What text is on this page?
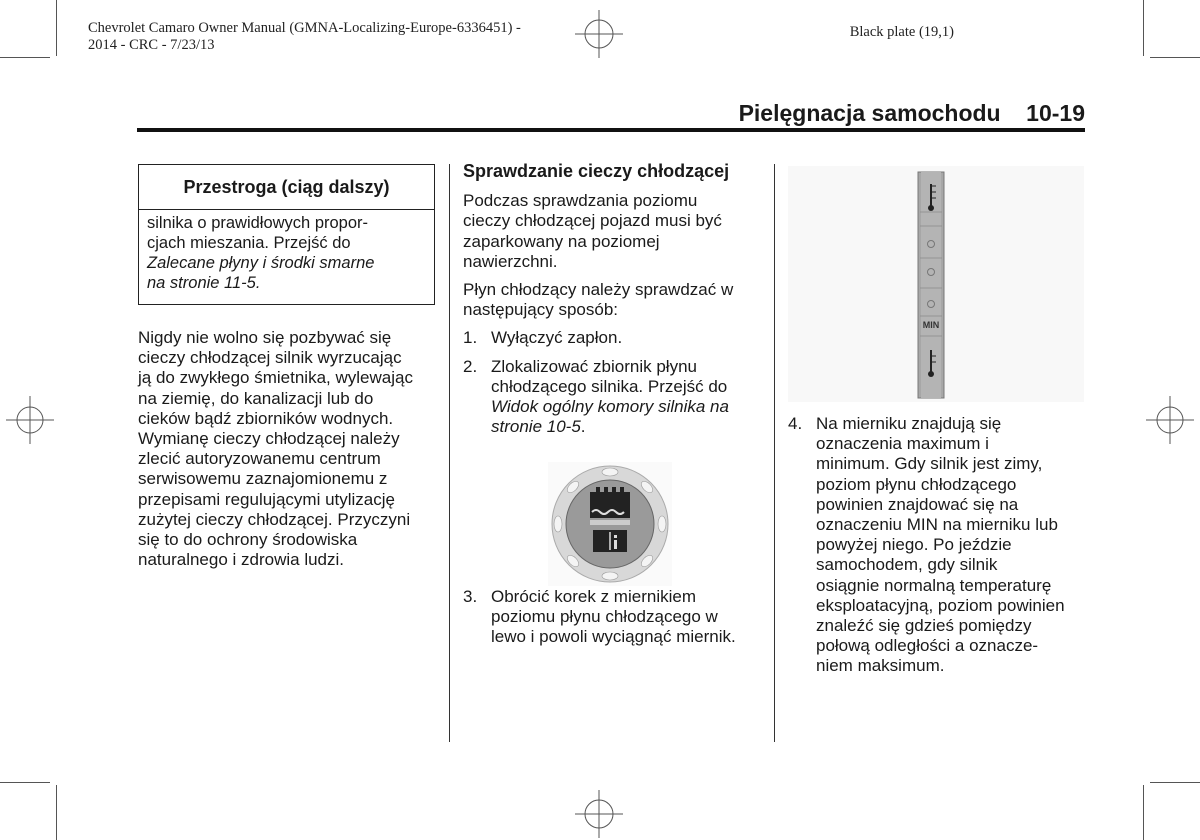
Chevrolet Camaro Owner Manual (GMNA-Localizing-Europe-6336451) -
2014 - CRC - 7/23/13
Black plate (19,1)
Pielęgnacja samochodu 10-19
Przestroga (ciąg dalszy)
silnika o prawidłowych propor-
cjach mieszania. Przejść do
Zalecane płyny i środki smarne
na stronie 11-5.
Nigdy nie wolno się pozbywać się
cieczy chłodzącej silnik wyrzucając
ją do zwykłego śmietnika, wylewając
na ziemię, do kanalizacji lub do
cieków bądź zbiorników wodnych.
Wymianę cieczy chłodzącej należy
zlecić autoryzowanemu centrum
serwisowemu zaznajomionemu z
przepisami regulującymi utylizację
zużytej cieczy chłodzącej. Przyczyni
się to do ochrony środowiska
naturalnego i zdrowia ludzi.
Sprawdzanie cieczy chłodzącej
Podczas sprawdzania poziomu
cieczy chłodzącej pojazd musi być
zaparkowany na poziomej
nawierzchni.
Płyn chłodzący należy sprawdzać w
następujący sposób:
1. Wyłączyć zapłon.
2. Zlokalizować zbiornik płynu
chłodzącego silnika. Przejść do
Widok ogólny komory silnika na
stronie 10-5.
3. Obrócić korek z miernikiem
poziomu płynu chłodzącego w
lewo i powoli wyciągnąć miernik.
MIN
4. Na mierniku znajdują się
oznaczenia maximum i
minimum. Gdy silnik jest zimy,
poziom płynu chłodzącego
powinien znajdować się na
oznaczeniu MIN na mierniku lub
powyżej niego. Po jeździe
samochodem, gdy silnik
osiągnie normalną temperaturę
eksploatacyjną, poziom powinien
znaleźć się gdzieś pomiędzy
połową odległości a oznacze-
niem maksimum.
